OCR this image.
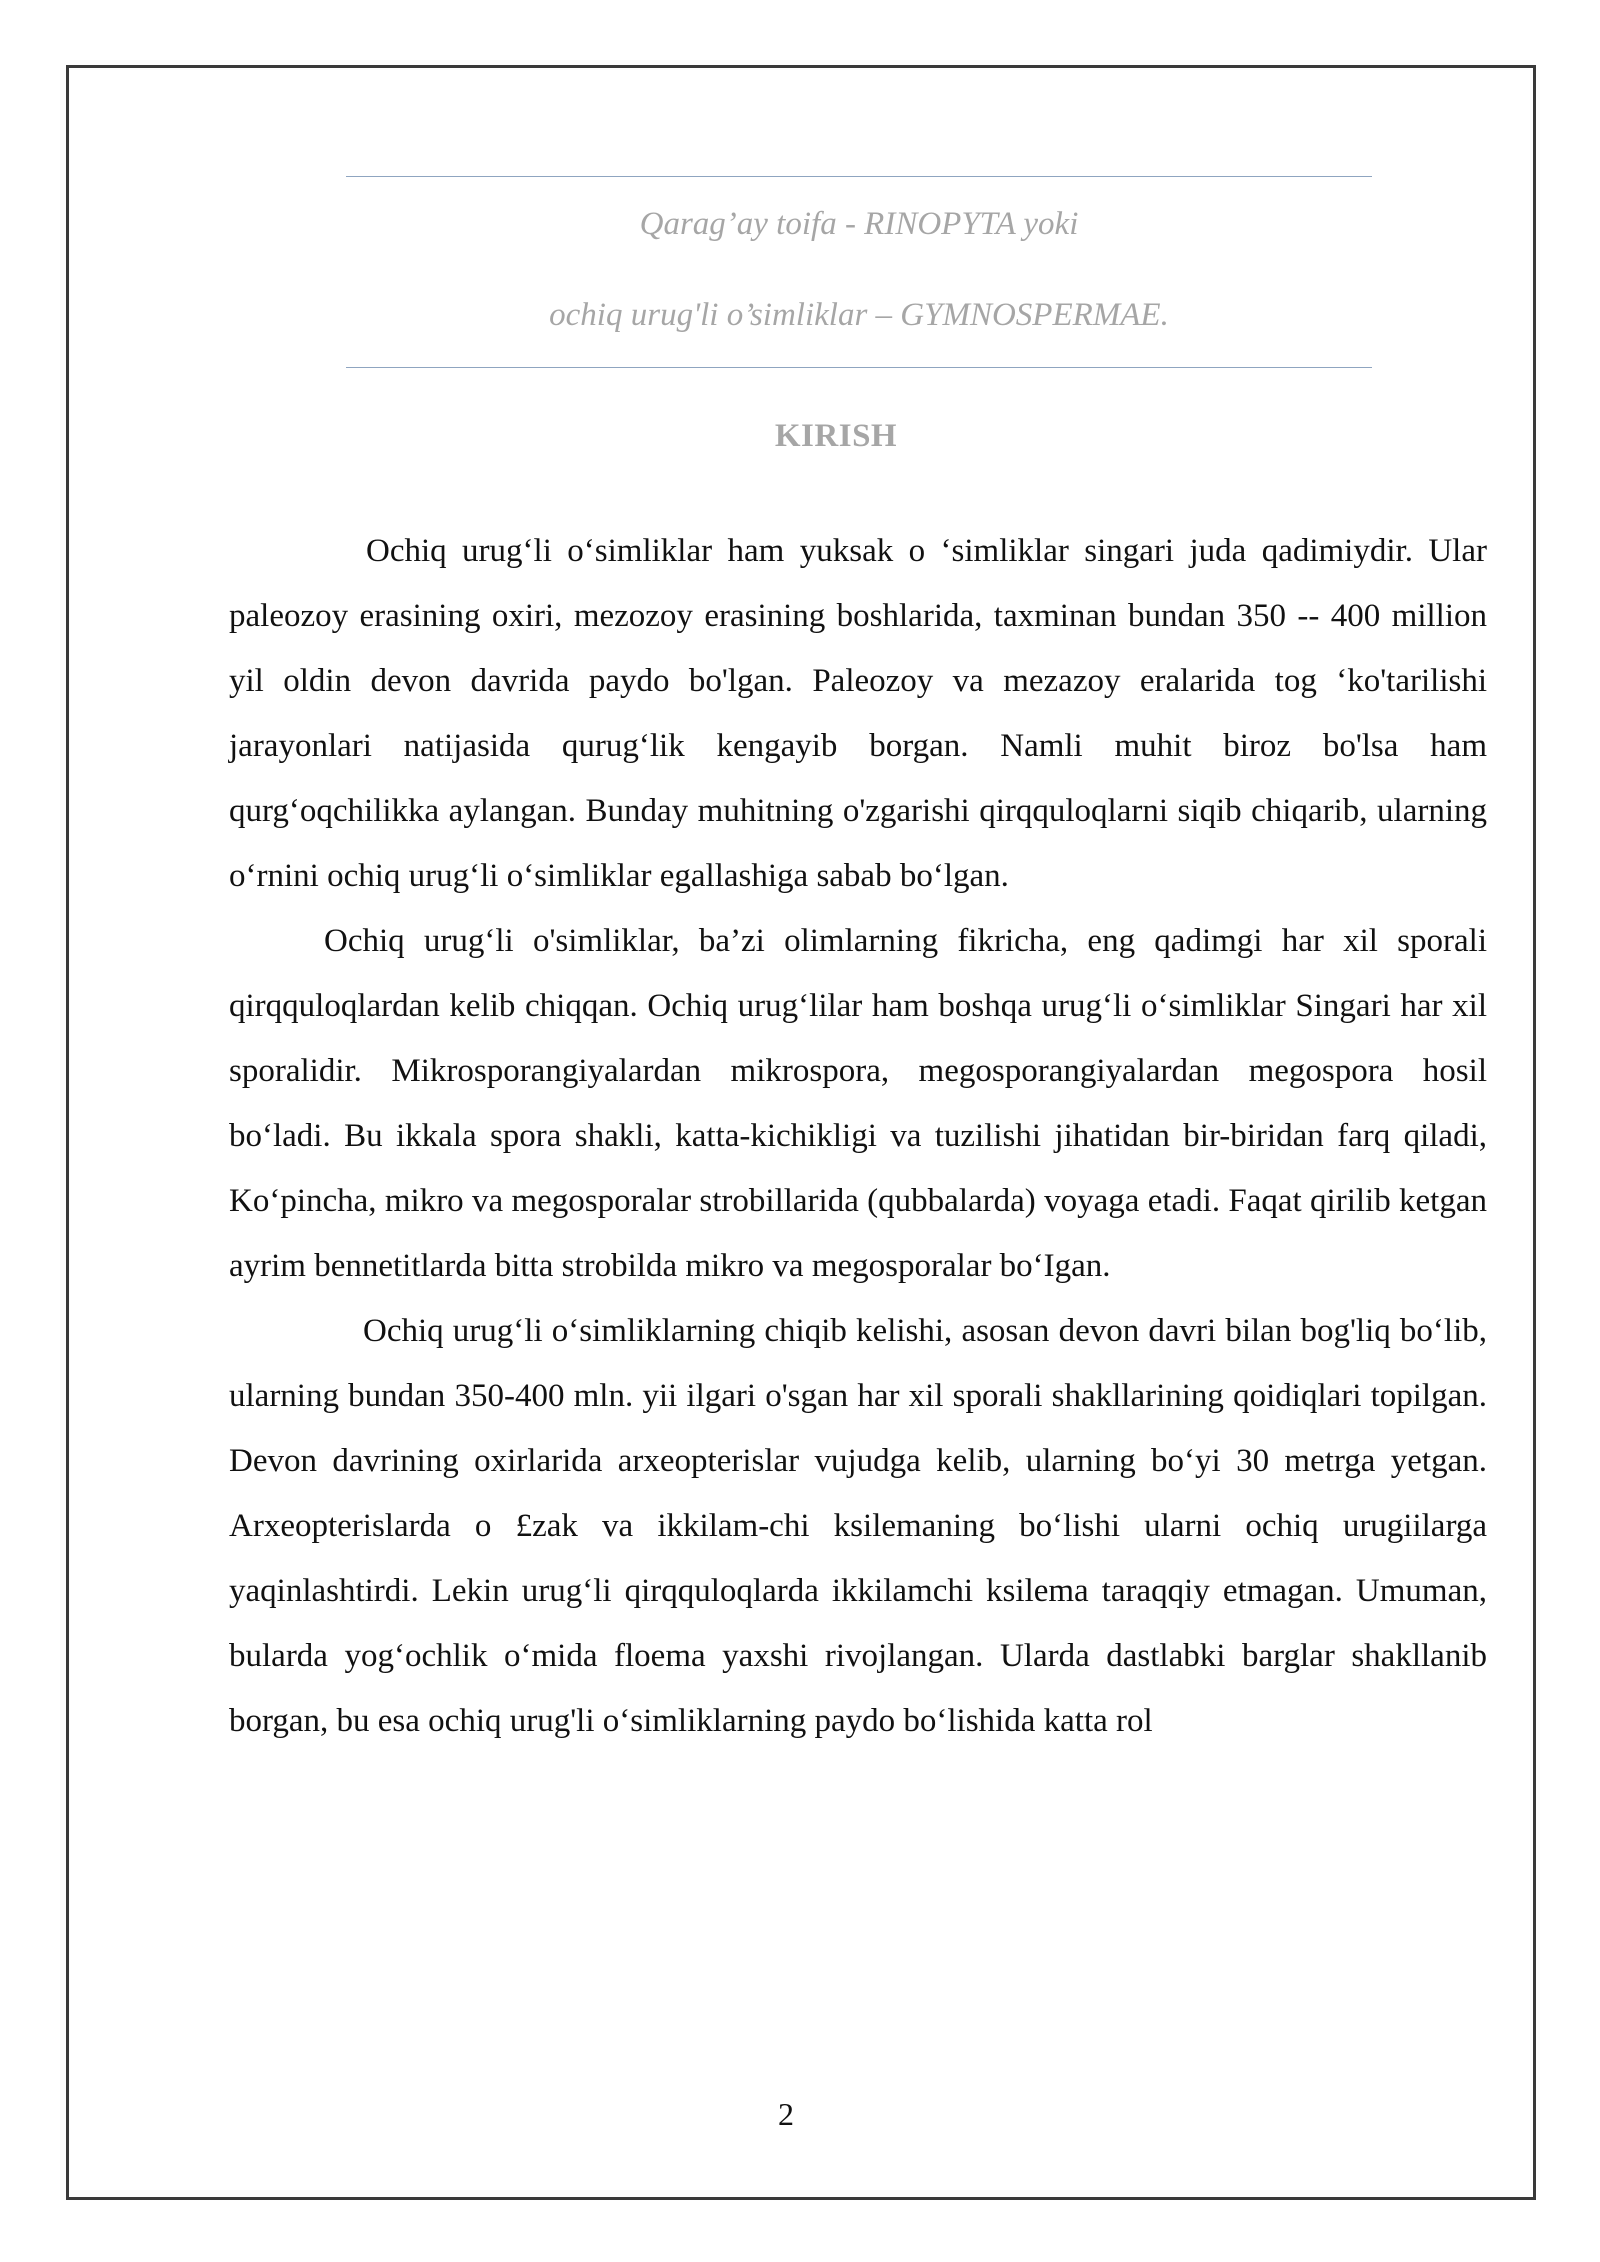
Qarag’ay toifa - RINOPYTA yoki
ochiq urug'li o’simliklar – GYMNOSPERMAE.
KIRISH

Ochiq urug‘li o‘simliklar ham yuksak o ‘simliklar singari juda qadimiydir. Ular paleozoy erasining oxiri, mezozoy erasining boshlarida, taxminan bundan 350 -- 400 million yil oldin devon davrida paydo bo'lgan. Paleozoy va mezazoy eralarida tog ‘ko'tarilishi jarayonlari natijasida qurug‘lik kengayib borgan. Namli muhit biroz bo'lsa ham qurg‘oqchilikka aylangan. Bunday muhitning o'zgarishi qirqquloqlarni siqib chiqarib, ularning o‘rnini ochiq urug‘li o‘simliklar egallashiga sabab bo‘lgan.

Ochiq urug‘li o'simliklar, ba’zi olimlarning fikricha, eng qadimgi har xil sporali qirqquloqlardan kelib chiqqan. Ochiq urug‘lilar ham boshqa urug‘li o‘simliklar Singari har xil sporalidir. Mikrosporangiyalardan mikrospora, megosporangiyalardan megospora hosil bo‘ladi. Bu ikkala spora shakli, katta-kichikligi va tuzilishi jihatidan bir-biridan farq qiladi, Ko‘pincha, mikro va megosporalar strobillarida (qubbalarda) voyaga etadi. Faqat qirilib ketgan ayrim bennetitlarda bitta strobilda mikro va megosporalar bo‘Igan.

Ochiq urug‘li o‘simliklarning chiqib kelishi, asosan devon davri bilan bog'liq bo‘lib, ularning bundan 350-400 mln. yii ilgari o'sgan har xil sporali shakllarining qoidiqlari topilgan. Devon davrining oxirlarida arxeopterislar vujudga kelib, ularning bo‘yi 30 metrga yetgan. Arxeopterislarda o £zak va ikkilam-chi ksilemaning bo‘lishi ularni ochiq urugiilarga yaqinlashtirdi. Lekin urug‘li qirqquloqlarda ikkilamchi ksilema taraqqiy etmagan. Umuman, bularda yog‘ochlik o‘mida floema yaxshi rivojlangan. Ularda dastlabki barglar shakllanib borgan, bu esa ochiq urug'li o‘simliklarning paydo bo‘lishida katta rol

2
